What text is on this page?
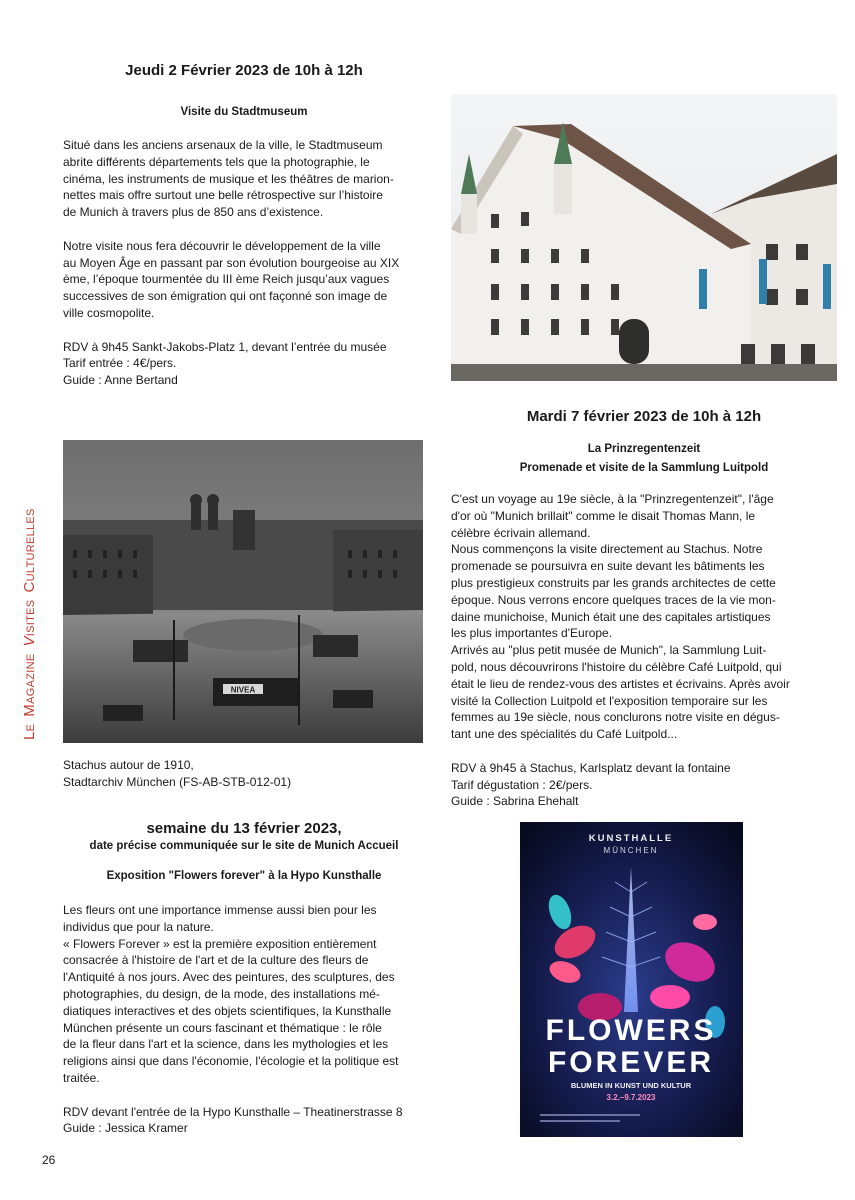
LEMAGAZINEVISITESCULTURELLES
Jeudi 2 Février 2023 de 10h à 12h
Visite du Stadtmuseum

Situé dans les anciens arsenaux de la ville, le Stadtmuseum
abrite différents départements tels que la photographie, le
cinéma, les instruments de musique et les théâtres de marion-
nettes mais offre surtout une belle rétrospective sur l’histoire
de Munich à travers plus de 850 ans d’existence.

Notre visite nous fera découvrir le développement de la ville
au Moyen Âge en passant par son évolution bourgeoise au XIX
ème, l’époque tourmentée du III ème Reich jusqu’aux vagues
successives de son émigration qui ont façonné son image de
ville cosmopolite.

RDV à 9h45 Sankt-Jakobs-Platz 1, devant l’entrée du musée
Tarif entrée : 4€/pers.
Guide : Anne Bertand

Mardi 7 février 2023 de 10h à 12h
La Prinzregentenzeit
Promenade et visite de la Sammlung Luitpold

C'est un voyage au 19e siècle, à la "Prinzregentenzeit", l'âge
d'or où "Munich brillait" comme le disait Thomas Mann, le
célèbre écrivain allemand.
Nous commençons la visite directement au Stachus. Notre
promenade se poursuivra en suite devant les bâtiments les
plus prestigieux construits par les grands architectes de cette
époque. Nous verrons encore quelques traces de la vie mon-
daine munichoise, Munich était une des capitales artistiques
les plus importantes d'Europe.
Arrivés au "plus petit musée de Munich", la Sammlung Luit-
pold, nous découvrirons l'histoire du célèbre Café Luitpold, qui
était le lieu de rendez-vous des artistes et écrivains. Après avoir
visité la Collection Luitpold et l'exposition temporaire sur les
femmes au 19e siècle, nous conclurons notre visite en dégus-
tant une des spécialités du Café Luitpold...

RDV à 9h45 à Stachus, Karlsplatz devant la fontaine
Tarif dégustation : 2€/pers.
Guide : Sabrina Ehehalt

NIVEA
Stachus autour de 1910,
Stadtarchiv München (FS-AB-STB-012-01)
semaine du 13 février 2023,
date précise communiquée sur le site de Munich Accueil
Exposition "Flowers forever" à la Hypo Kunsthalle

Les fleurs ont une importance immense aussi bien pour les
individus que pour la nature.
« Flowers Forever » est la première exposition entièrement
consacrée à l'histoire de l'art et de la culture des fleurs de
l'Antiquité à nos jours. Avec des peintures, des sculptures, des
photographies, du design, de la mode, des installations mé-
diatiques interactives et des objets scientifiques, la Kunsthalle
München présente un cours fascinant et thématique : le rôle
de la fleur dans l'art et la science, dans les mythologies et les
religions ainsi que dans l'économie, l'écologie et la politique est
traitée.

RDV devant l'entrée de la Hypo Kunsthalle – Theatinerstrasse 8
Guide : Jessica Kramer

KUNSTHALLE
MÜNCHEN
FLOWERS
FOREVER
BLUMEN IN KUNST UND KULTUR
3.2.–9.7.2023
26
